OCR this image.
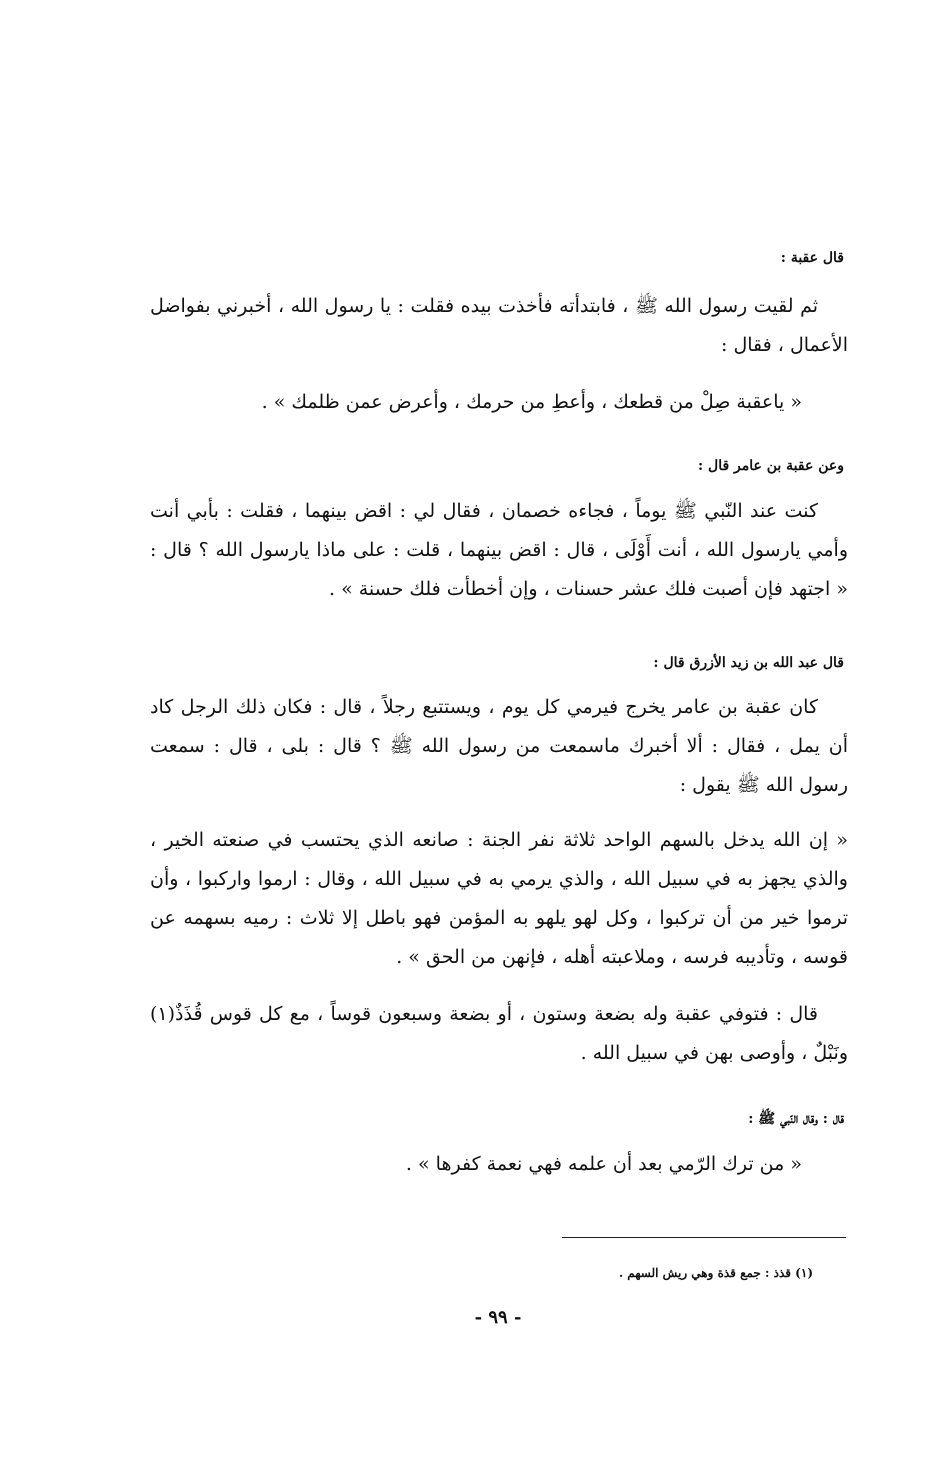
قال عقبة :
ثم لقيت رسول الله ﷺ ، فابتدأته فأخذت بيده فقلت : يا رسول الله ، أخبرني بفواضل الأعمال ، فقال :
« ياعقبة صِلْ من قطعك ، وأعطِ من حرمك ، وأعرض عمن ظلمك » .
وعن عقبة بن عامر قال :
كنت عند النّبي ﷺ يوماً ، فجاءه خصمان ، فقال لي : اقض بينهما ، فقلت : بأبي أنت وأمي يارسول الله ، أنت أَوْلَى ، قال : اقض بينهما ، قلت : على ماذا يارسول الله ؟ قال : « اجتهد فإن أصبت فلك عشر حسنات ، وإن أخطأت فلك حسنة » .
قال عبد الله بن زيد الأزرق قال :
كان عقبة بن عامر يخرج فيرمي كل يوم ، ويستتبع رجلاً ، قال : فكان ذلك الرجل كاد أن يمل ، فقال : ألا أخبرك ماسمعت من رسول الله ﷺ ؟ قال : بلى ، قال : سمعت رسول الله ﷺ يقول :
« إن الله يدخل بالسهم الواحد ثلاثة نفر الجنة : صانعه الذي يحتسب في صنعته الخير ، والذي يجهز به في سبيل الله ، والذي يرمي به في سبيل الله ، وقال : ارموا واركبوا ، وأن ترموا خير من أن تركبوا ، وكل لهو يلهو به المؤمن فهو باطل إلا ثلاث : رميه بسهمه عن قوسه ، وتأديبه فرسه ، وملاعبته أهله ، فإنهن من الحق » .
قال : فتوفي عقبة وله بضعة وستون ، أو بضعة وسبعون قوساً ، مع كل قوس قُذَذٌ(١) ونَبْلٌ ، وأوصى بهن في سبيل الله .
قال : وقال النّبي ﷺ :
« من ترك الرّمي بعد أن علمه فهي نعمة كفرها » .
(١) قذذ : جمع قذة وهي ريش السهم .
- ٩٩ -
